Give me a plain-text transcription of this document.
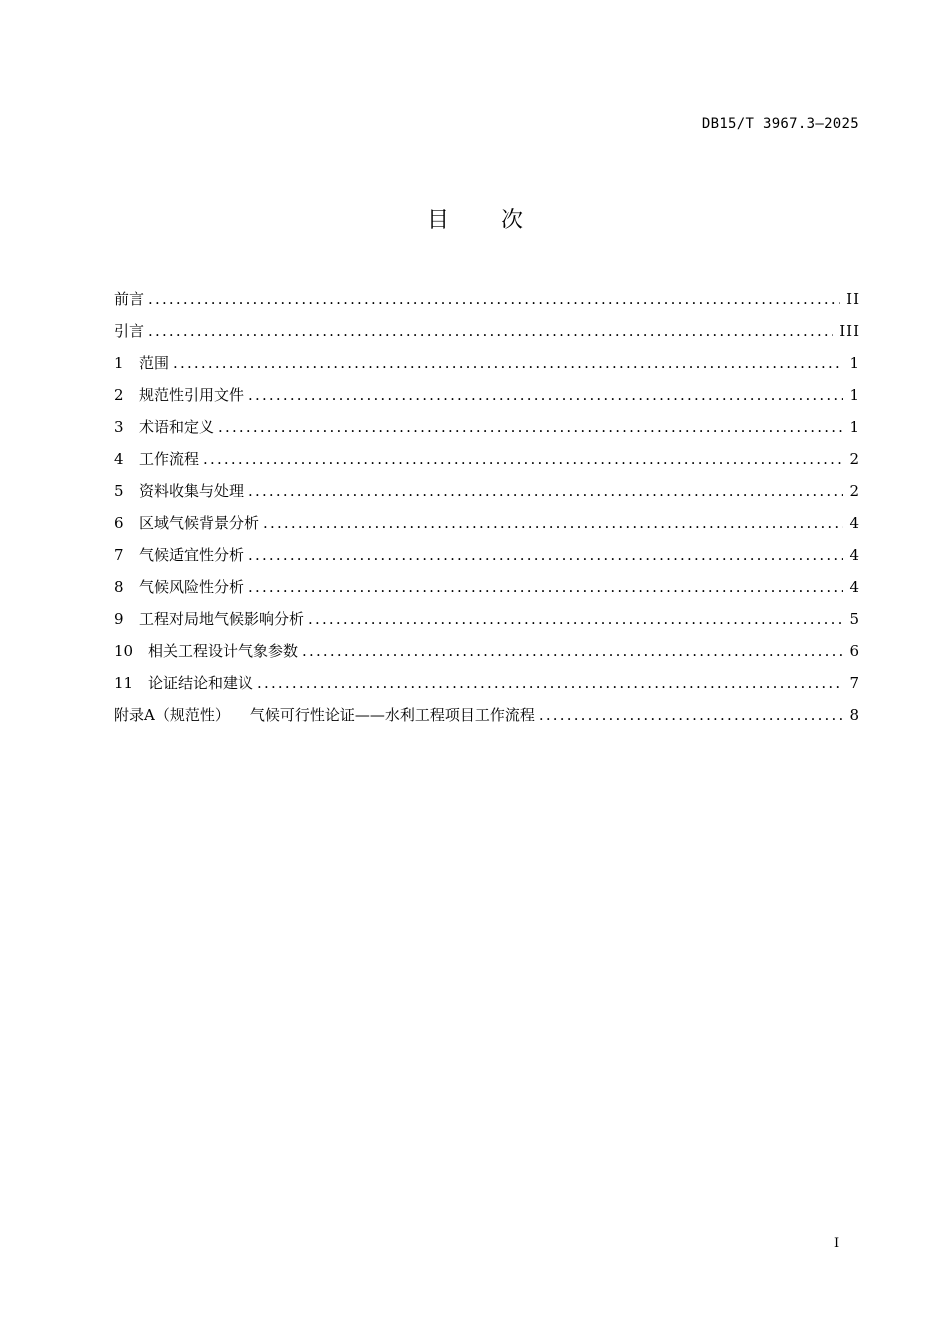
DB15/T 3967.3—2025
目 次
前言 .....	II
引言 .....	III
1	范围 .....	1
2	规范性引用文件 .....	1
3	术语和定义 .....	1
4	工作流程 .....	2
5	资料收集与处理 .....	2
6	区域气候背景分析 .....	4
7	气候适宜性分析 .....	4
8	气候风险性分析 .....	4
9	工程对局地气候影响分析 .....	5
10 相关工程设计气象参数 .....	6
11 论证结论和建议 .....	7
附录A（规范性） 气候可行性论证——水利工程项目工作流程 .....	8
I
